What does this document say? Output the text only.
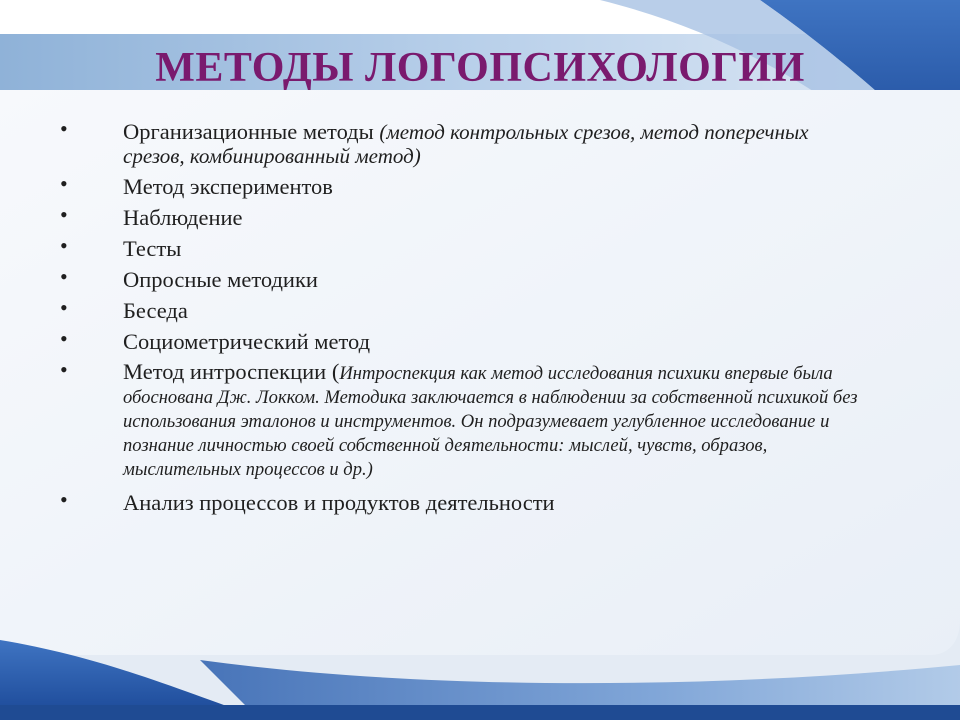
МЕТОДЫ ЛОГОПСИХОЛОГИИ
• Организационные методы (метод контрольных срезов, метод поперечных срезов, комбинированный метод)
• Метод экспериментов
• Наблюдение
• Тесты
• Опросные методики
• Беседа
• Социометрический метод
• Метод интроспекции (Интроспекция как метод исследования психики впервые была обоснована Дж. Локком. Методика заключается в наблюдении за собственной психикой без использования эталонов и инструментов. Он подразумевает углубленное исследование и познание личностью своей собственной деятельности: мыслей, чувств, образов, мыслительных процессов и др.)
• Анализ процессов и продуктов деятельности
